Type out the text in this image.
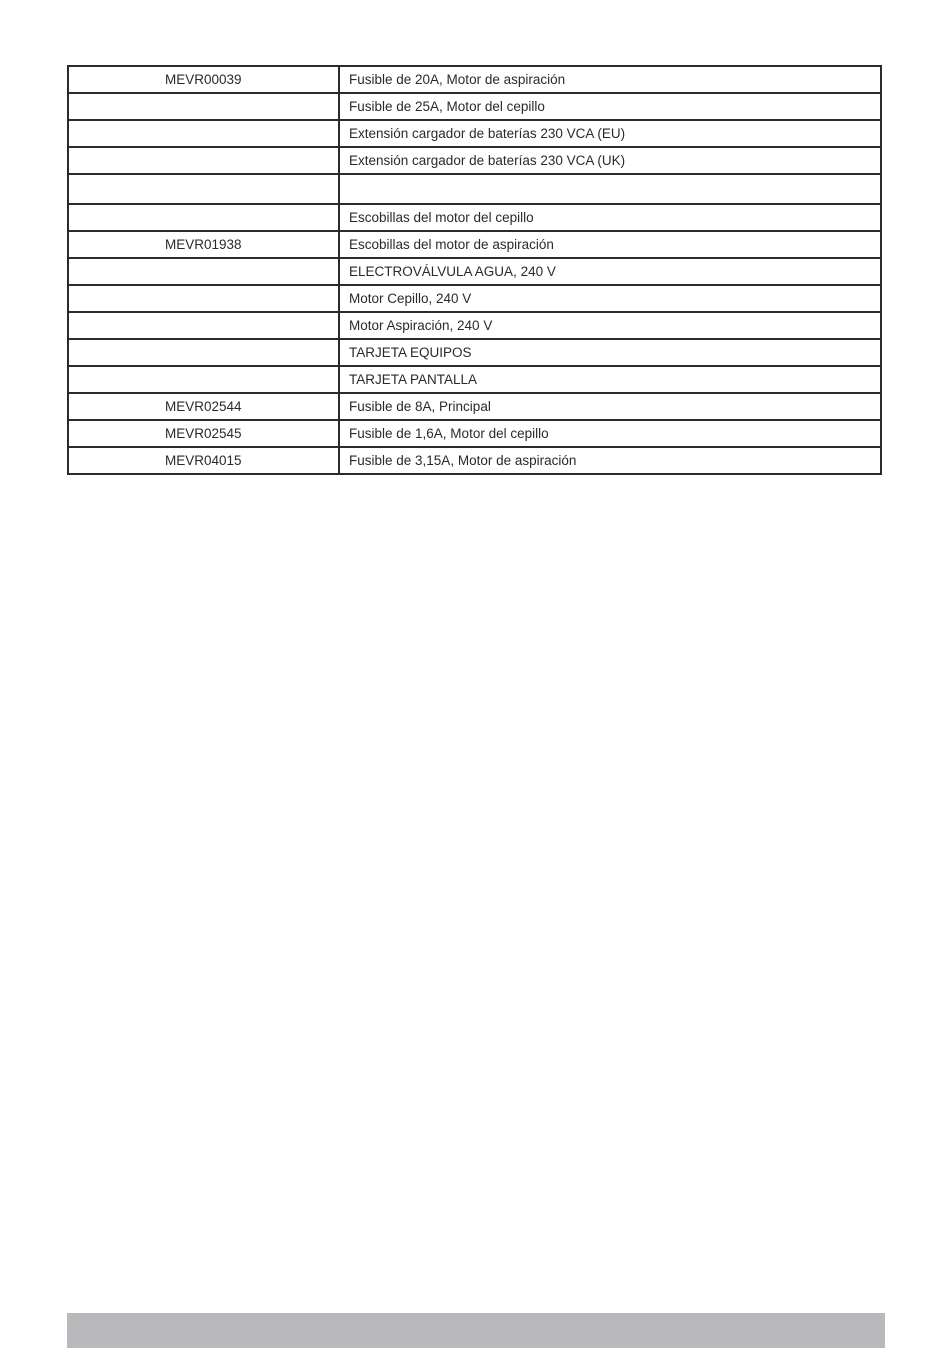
MEVR00039	Fusible de 20A, Motor de aspiración
	Fusible de 25A, Motor del cepillo
	Extensión cargador de baterías 230 VCA (EU)
	Extensión cargador de baterías 230 VCA (UK)

	Escobillas del motor del cepillo
MEVR01938	Escobillas del motor de aspiración
	ELECTROVÁLVULA AGUA, 240 V
	Motor Cepillo, 240 V
	Motor Aspiración, 240 V
	TARJETA EQUIPOS
	TARJETA PANTALLA
MEVR02544	Fusible de 8A, Principal
MEVR02545	Fusible de 1,6A, Motor del cepillo
MEVR04015	Fusible de 3,15A, Motor de aspiración
